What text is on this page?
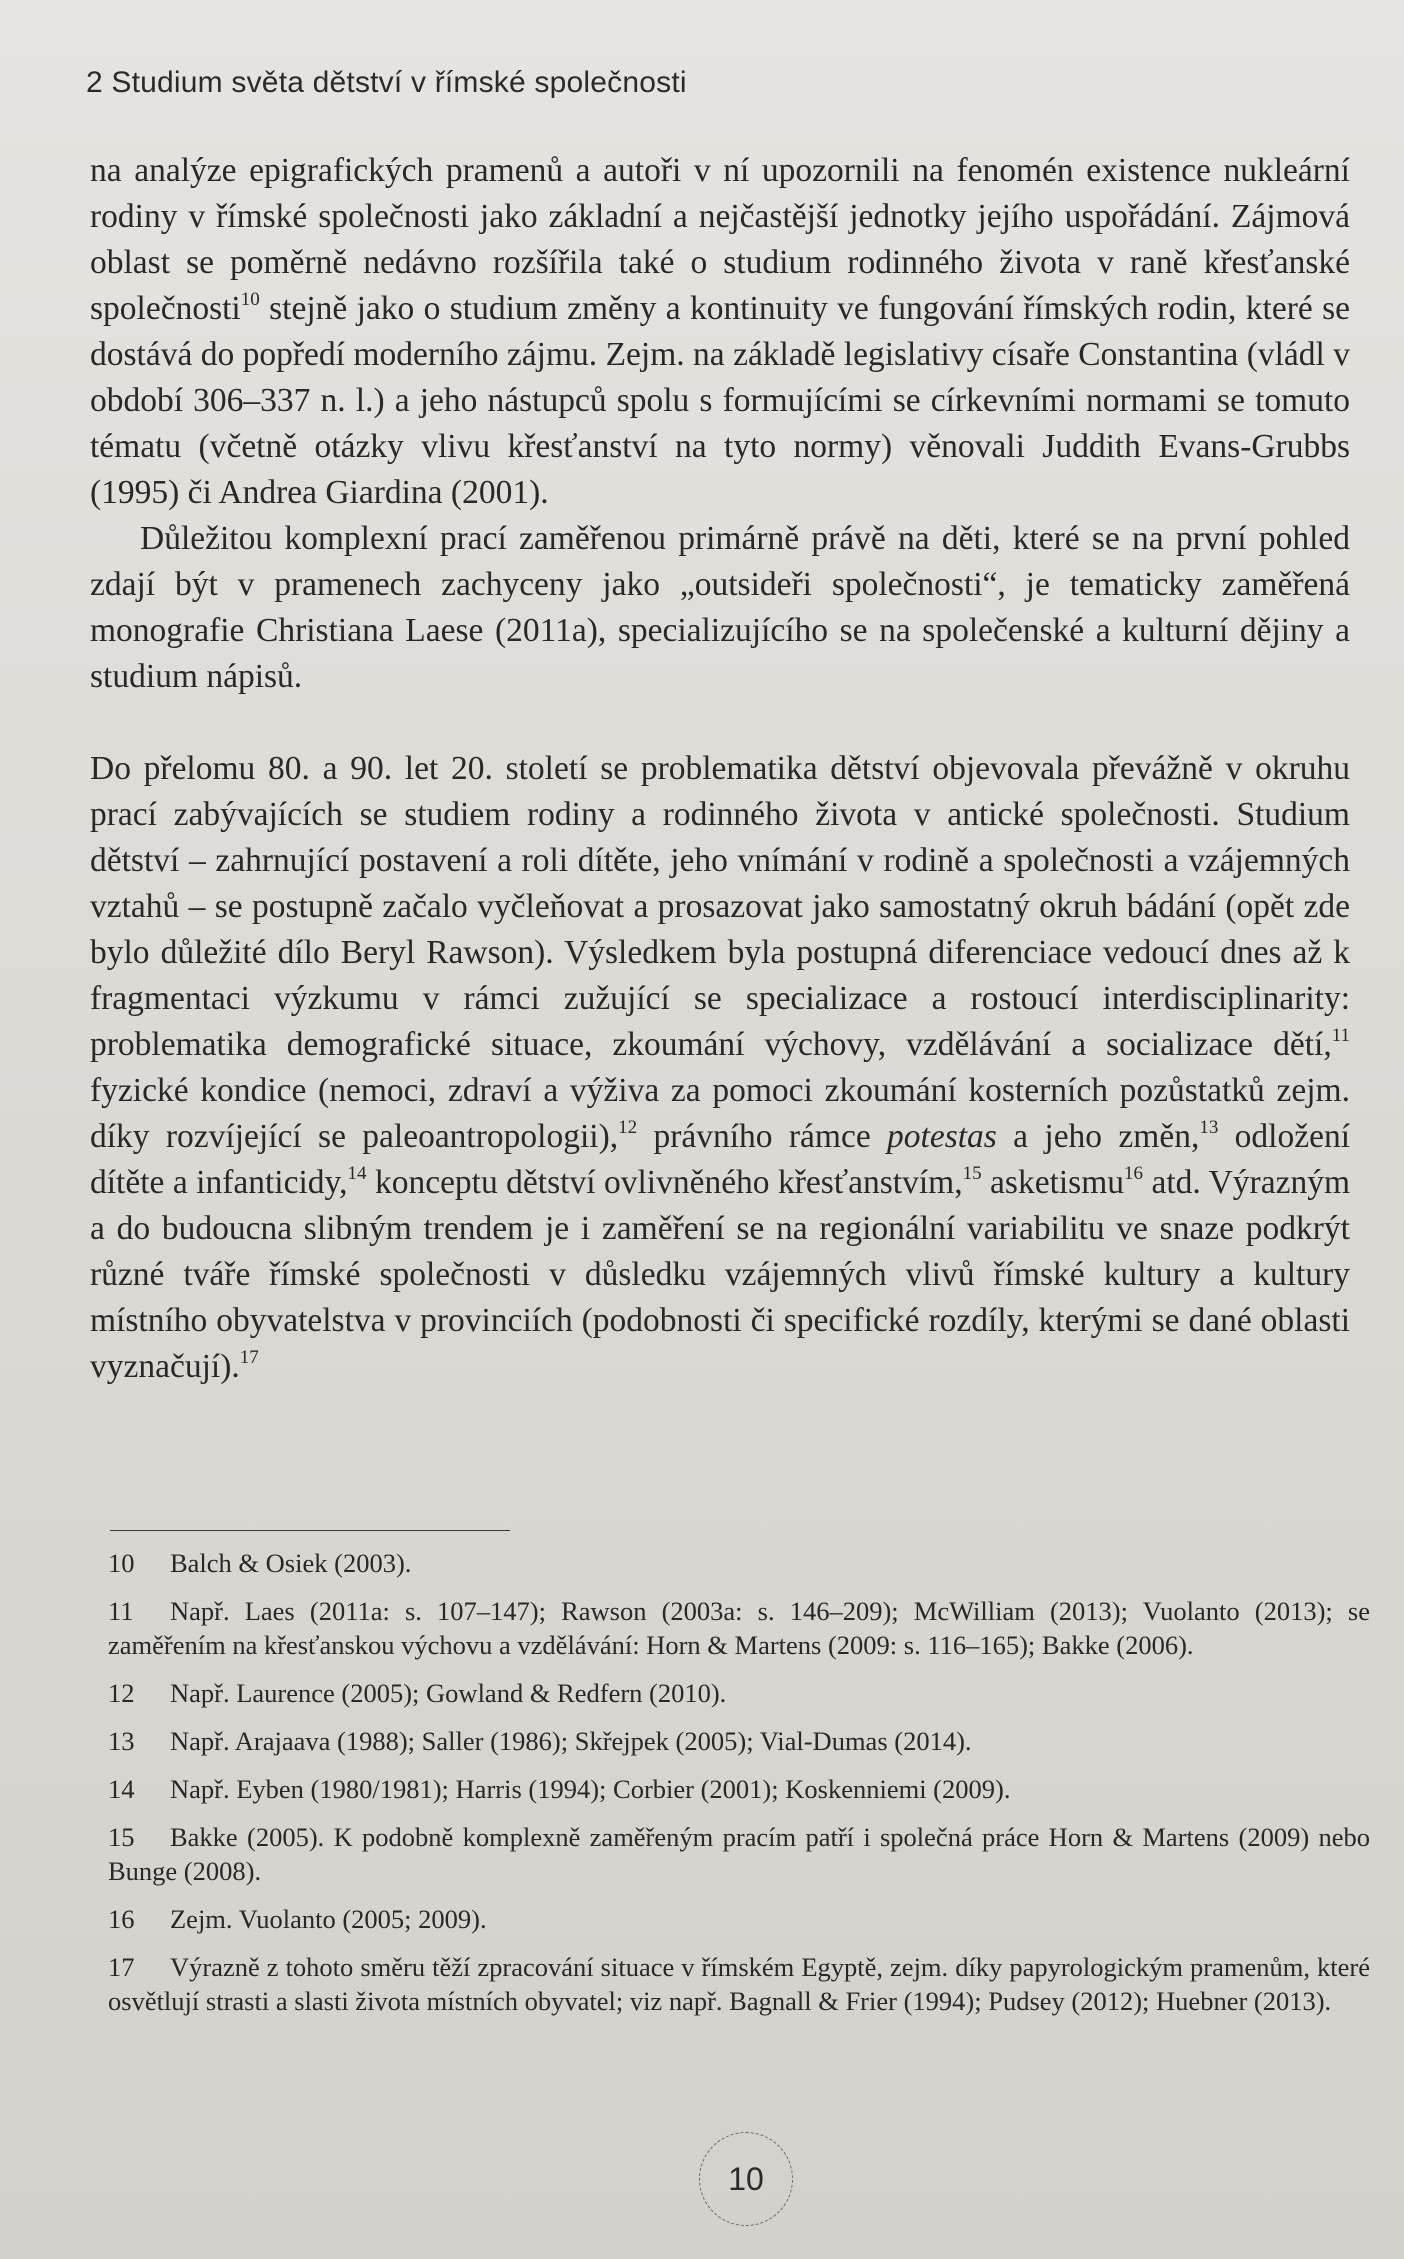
2 Studium světa dětství v římské společnosti

na analýze epigrafických pramenů a autoři v ní upozornili na fenomén existence nukleární rodiny v římské společnosti jako základní a nejčastější jednotky jejího uspořádání. Zájmová oblast se poměrně nedávno rozšířila také o studium rodinného života v raně křesťanské společnosti$^{10}$ stejně jako o studium změny a kontinuity ve fungování římských rodin, které se dostává do popředí moderního zájmu. Zejm. na základě legislativy císaře Constantina (vládl v období 306–337 n. l.) a jeho nástupců spolu s formujícími se církevními normami se tomuto tématu (včetně otázky vlivu křesťanství na tyto normy) věnovali Juddith Evans-Grubbs (1995) či Andrea Giardina (2001).

Důležitou komplexní prací zaměřenou primárně právě na děti, které se na první pohled zdají být v pramenech zachyceny jako „outsideři společnosti“, je tematicky zaměřená monografie Christiana Laese (2011a), specializujícího se na společenské a kulturní dějiny a studium nápisů.

Do přelomu 80. a 90. let 20. století se problematika dětství objevovala převážně v okruhu prací zabývajících se studiem rodiny a rodinného života v antické společnosti. Studium dětství – zahrnující postavení a roli dítěte, jeho vnímání v rodině a společnosti a vzájemných vztahů – se postupně začalo vyčleňovat a prosazovat jako samostatný okruh bádání (opět zde bylo důležité dílo Beryl Rawson). Výsledkem byla postupná diferenciace vedoucí dnes až k fragmentaci výzkumu v rámci zužující se specializace a rostoucí interdisciplinarity: problematika demografické situace, zkoumání výchovy, vzdělávání a socializace dětí,$^{11}$ fyzické kondice (nemoci, zdraví a výživa za pomoci zkoumání kosterních pozůstatků zejm. díky rozvíjející se paleoantropologii),$^{12}$ právního rámce potestas a jeho změn,$^{13}$ odložení dítěte a infanticidy,$^{14}$ konceptu dětství ovlivněného křesťanstvím,$^{15}$ asketismu$^{16}$ atd. Výrazným a do budoucna slibným trendem je i zaměření se na regionální variabilitu ve snaze podkrýt různé tváře římské společnosti v důsledku vzájemných vlivů římské kultury a kultury místního obyvatelstva v provinciích (podobnosti či specifické rozdíly, kterými se dané oblasti vyznačují).$^{17}$

10 Balch & Osiek (2003).

11 Např. Laes (2011a: s. 107–147); Rawson (2003a: s. 146–209); McWilliam (2013); Vuolanto (2013); se zaměřením na křesťanskou výchovu a vzdělávání: Horn & Martens (2009: s. 116–165); Bakke (2006).

12 Např. Laurence (2005); Gowland & Redfern (2010).

13 Např. Arajaava (1988); Saller (1986); Skřejpek (2005); Vial-Dumas (2014).

14 Např. Eyben (1980/1981); Harris (1994); Corbier (2001); Koskenniemi (2009).

15 Bakke (2005). K podobně komplexně zaměřeným pracím patří i společná práce Horn & Martens (2009) nebo Bunge (2008).

16 Zejm. Vuolanto (2005; 2009).

17 Výrazně z tohoto směru těží zpracování situace v římském Egyptě, zejm. díky papyrologickým pramenům, které osvětlují strasti a slasti života místních obyvatel; viz např. Bagnall & Frier (1994); Pudsey (2012); Huebner (2013).

10
